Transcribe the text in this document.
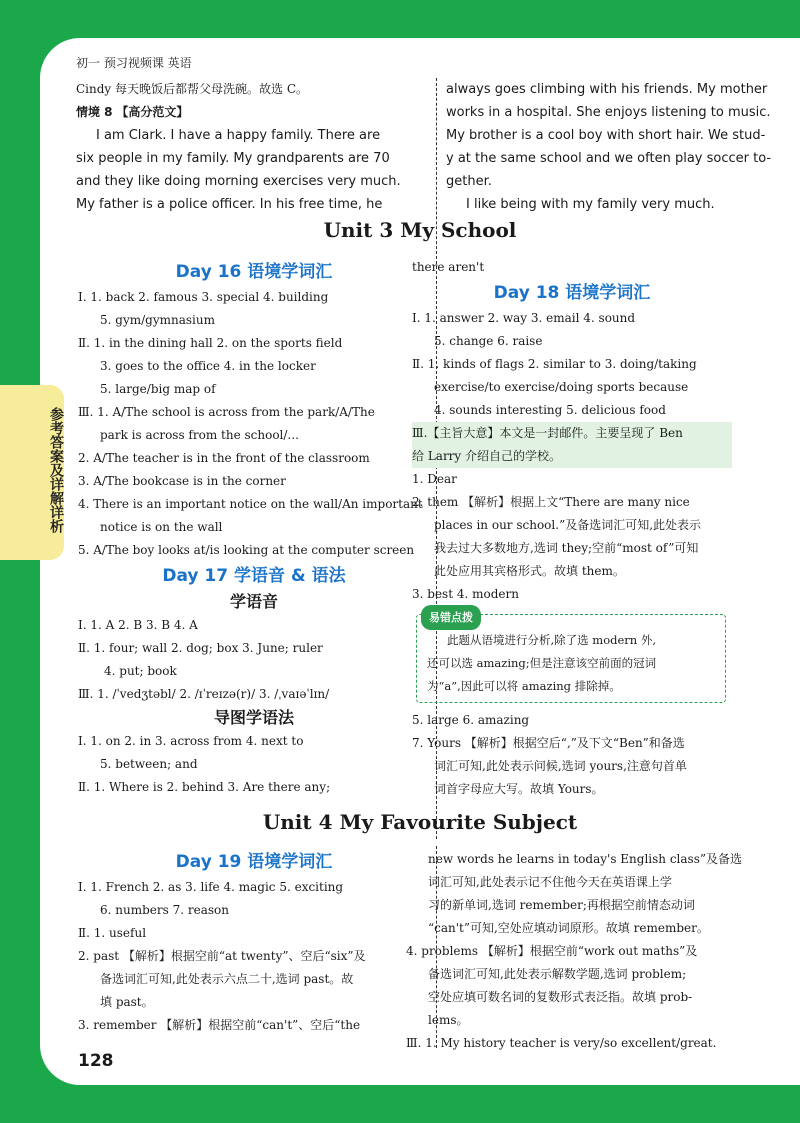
初一 预习视频课 英语
Cindy 每天晚饭后都帮父母洗碗。故选 C。
情境 8 【高分范文】
I am Clark. I have a happy family. There are
six people in my family. My grandparents are 70
and they like doing morning exercises very much.
My father is a police officer. In his free time, he
always goes climbing with his friends. My mother
works in a hospital. She enjoys listening to music.
My brother is a cool boy with short hair. We stud-
y at the same school and we often play soccer to-
gether.
I like being with my family very much.
Unit 3 My School
Day 16 语境学词汇
Ⅰ. 1. back 2. famous 3. special 4. building
5. gym/gymnasium
Ⅱ. 1. in the dining hall 2. on the sports field
3. goes to the office 4. in the locker
5. large/big map of
Ⅲ. 1. A/The school is across from the park/A/The
park is across from the school/...
2. A/The teacher is in the front of the classroom
3. A/The bookcase is in the corner
4. There is an important notice on the wall/An important
notice is on the wall
5. A/The boy looks at/is looking at the computer screen
Day 17 学语音 & 语法
学语音
Ⅰ. 1. A 2. B 3. B 4. A
Ⅱ. 1. four; wall 2. dog; box 3. June; ruler
4. put; book
Ⅲ. 1. /ˈvedʒtəbl/ 2. /ɪˈreɪzə(r)/ 3. /ˌvaɪəˈlɪn/
导图学语法
Ⅰ. 1. on 2. in 3. across from 4. next to
5. between; and
Ⅱ. 1. Where is 2. behind 3. Are there any;
there aren't
Day 18 语境学词汇
Ⅰ. 1. answer 2. way 3. email 4. sound
5. change 6. raise
Ⅱ. 1. kinds of flags 2. similar to 3. doing/taking
exercise/to exercise/doing sports because
4. sounds interesting 5. delicious food
Ⅲ.【主旨大意】本文是一封邮件。主要呈现了 Ben
给 Larry 介绍自己的学校。
1. Dear
2. them 【解析】根据上文“There are many nice
places in our school.”及备选词汇可知,此处表示
我去过大多数地方,选词 they;空前“most of”可知
此处应用其宾格形式。故填 them。
3. best 4. modern
易错点拨
此题从语境进行分析,除了选 modern 外,
还可以选 amazing;但是注意该空前面的冠词
为“a”,因此可以将 amazing 排除掉。
5. large 6. amazing
7. Yours 【解析】根据空后“,”及下文“Ben”和备选
词汇可知,此处表示问候,选词 yours,注意句首单
词首字母应大写。故填 Yours。
Unit 4 My Favourite Subject
Day 19 语境学词汇
Ⅰ. 1. French 2. as 3. life 4. magic 5. exciting
6. numbers 7. reason
Ⅱ. 1. useful
2. past 【解析】根据空前“at twenty”、空后“six”及
备选词汇可知,此处表示六点二十,选词 past。故
填 past。
3. remember 【解析】根据空前“can't”、空后“the
new words he learns in today's English class”及备选
词汇可知,此处表示记不住他今天在英语课上学
习的新单词,选词 remember;再根据空前情态动词
“can't”可知,空处应填动词原形。故填 remember。
4. problems 【解析】根据空前“work out maths”及
备选词汇可知,此处表示解数学题,选词 problem;
空处应填可数名词的复数形式表泛指。故填 prob-
lems。
Ⅲ. 1. My history teacher is very/so excellent/great.
128
参考答案及详解详析
